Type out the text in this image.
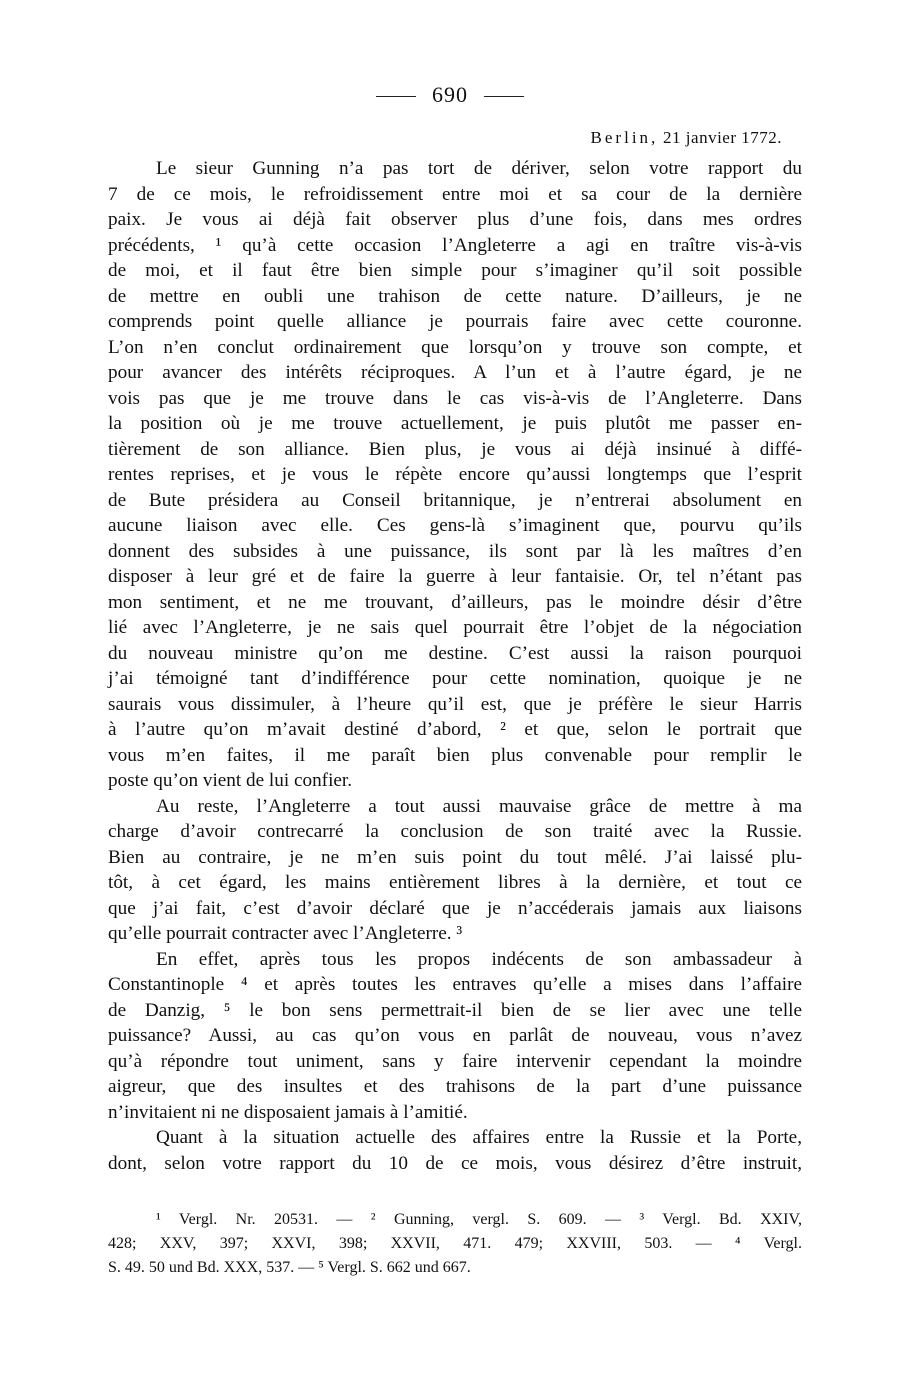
690
Berlin, 21 janvier 1772.
Le sieur Gunning n’a pas tort de dériver, selon votre rapport du
7 de ce mois, le refroidissement entre moi et sa cour de la dernière
paix. Je vous ai déjà fait observer plus d’une fois, dans mes ordres
précédents, ¹ qu’à cette occasion l’Angleterre a agi en traître vis-à-vis
de moi, et il faut être bien simple pour s’imaginer qu’il soit possible
de mettre en oubli une trahison de cette nature. D’ailleurs, je ne
comprends point quelle alliance je pourrais faire avec cette couronne.
L’on n’en conclut ordinairement que lorsqu’on y trouve son compte, et
pour avancer des intérêts réciproques. A l’un et à l’autre égard, je ne
vois pas que je me trouve dans le cas vis-à-vis de l’Angleterre. Dans
la position où je me trouve actuellement, je puis plutôt me passer en-
tièrement de son alliance. Bien plus, je vous ai déjà insinué à diffé-
rentes reprises, et je vous le répète encore qu’aussi longtemps que l’esprit
de Bute présidera au Conseil britannique, je n’entrerai absolument en
aucune liaison avec elle. Ces gens-là s’imaginent que, pourvu qu’ils
donnent des subsides à une puissance, ils sont par là les maîtres d’en
disposer à leur gré et de faire la guerre à leur fantaisie. Or, tel n’étant pas
mon sentiment, et ne me trouvant, d’ailleurs, pas le moindre désir d’être
lié avec l’Angleterre, je ne sais quel pourrait être l’objet de la négociation
du nouveau ministre qu’on me destine. C’est aussi la raison pourquoi
j’ai témoigné tant d’indifférence pour cette nomination, quoique je ne
saurais vous dissimuler, à l’heure qu’il est, que je préfère le sieur Harris
à l’autre qu’on m’avait destiné d’abord, ² et que, selon le portrait que
vous m’en faites, il me paraît bien plus convenable pour remplir le
poste qu’on vient de lui confier.
Au reste, l’Angleterre a tout aussi mauvaise grâce de mettre à ma
charge d’avoir contrecarré la conclusion de son traité avec la Russie.
Bien au contraire, je ne m’en suis point du tout mêlé. J’ai laissé plu-
tôt, à cet égard, les mains entièrement libres à la dernière, et tout ce
que j’ai fait, c’est d’avoir déclaré que je n’accéderais jamais aux liaisons
qu’elle pourrait contracter avec l’Angleterre. ³
En effet, après tous les propos indécents de son ambassadeur à
Constantinople ⁴ et après toutes les entraves qu’elle a mises dans l’affaire
de Danzig, ⁵ le bon sens permettrait-il bien de se lier avec une telle
puissance? Aussi, au cas qu’on vous en parlât de nouveau, vous n’avez
qu’à répondre tout uniment, sans y faire intervenir cependant la moindre
aigreur, que des insultes et des trahisons de la part d’une puissance
n’invitaient ni ne disposaient jamais à l’amitié.
Quant à la situation actuelle des affaires entre la Russie et la Porte,
dont, selon votre rapport du 10 de ce mois, vous désirez d’être instruit,
¹ Vergl. Nr. 20531. — ² Gunning, vergl. S. 609. — ³ Vergl. Bd. XXIV,
428; XXV, 397; XXVI, 398; XXVII, 471. 479; XXVIII, 503. — ⁴ Vergl.
S. 49. 50 und Bd. XXX, 537. — ⁵ Vergl. S. 662 und 667.
